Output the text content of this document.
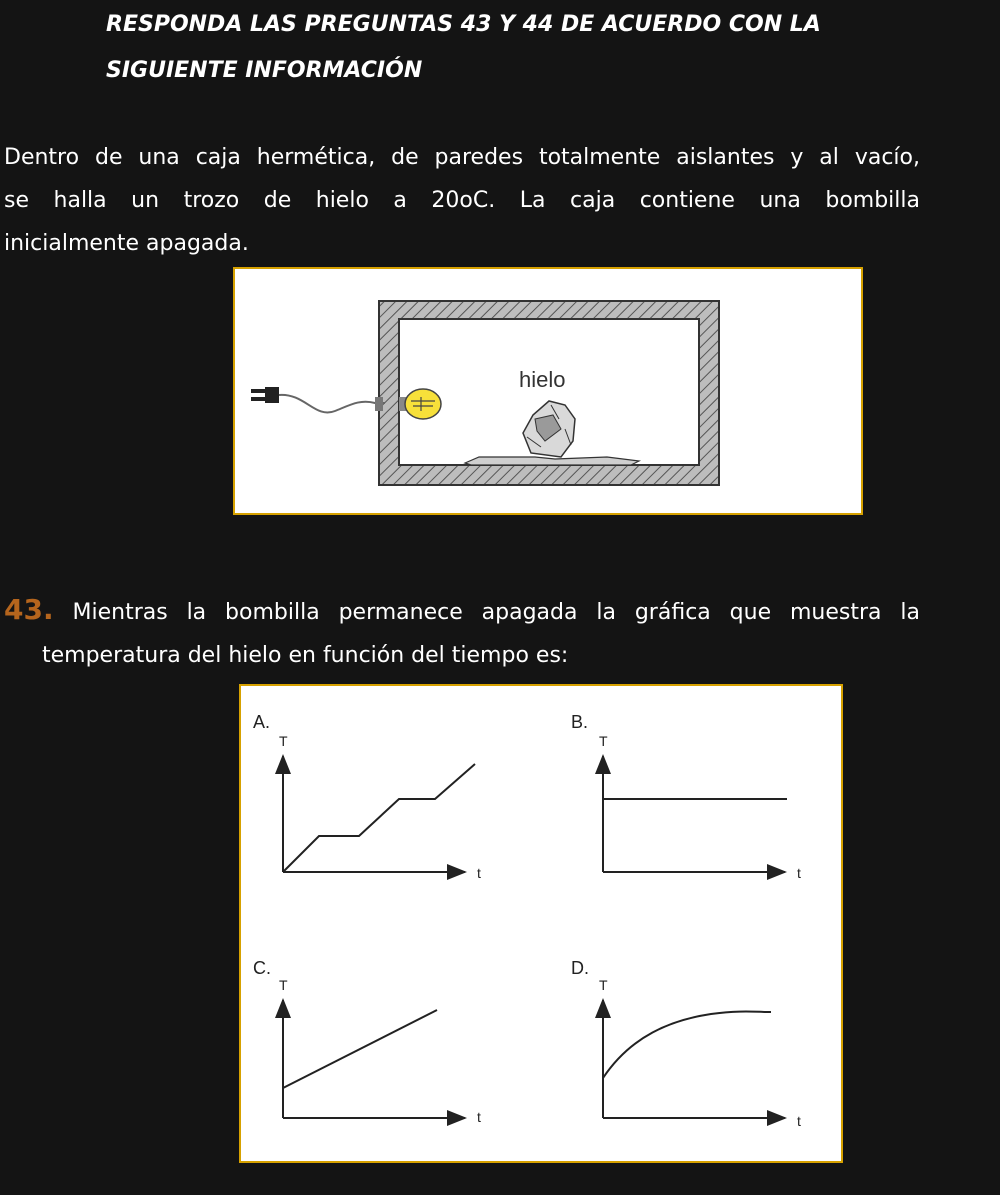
RESPONDA LAS PREGUNTAS 43 Y 44 DE ACUERDO CON LA
SIGUIENTE INFORMACIÓN
Dentro de una caja hermética, de paredes totalmente aislantes y al vacío,
se halla un trozo de hielo a 20oC. La caja contiene una bombilla
inicialmente apagada.
hielo
43. Mientras la bombilla permanece apagada la gráfica que muestra la
temperatura del hielo en función del tiempo es:
A.
T
t
B.
T
t
C.
T
t
D.
T
t
